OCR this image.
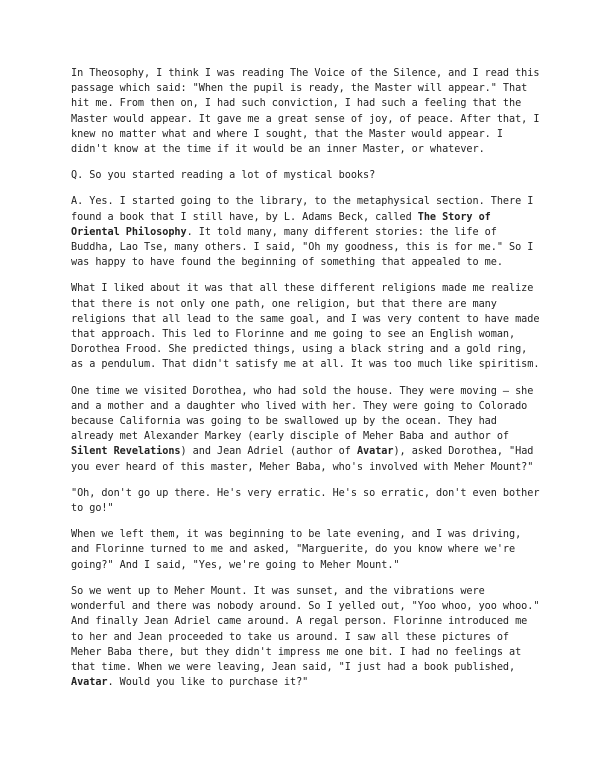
In Theosophy, I think I was reading The Voice of the Silence, and I read this passage which said: "When the pupil is ready, the Master will appear." That hit me. From then on, I had such conviction, I had such a feeling that the Master would appear. It gave me a great sense of joy, of peace. After that, I knew no matter what and where I sought, that the Master would appear. I didn't know at the time if it would be an inner Master, or whatever.

Q. So you started reading a lot of mystical books?

A. Yes. I started going to the library, to the metaphysical section. There I found a book that I still have, by L. Adams Beck, called The Story of Oriental Philosophy. It told many, many different stories: the life of Buddha, Lao Tse, many others. I said, "Oh my goodness, this is for me." So I was happy to have found the beginning of something that appealed to me.

What I liked about it was that all these different religions made me realize that there is not only one path, one religion, but that there are many religions that all lead to the same goal, and I was very content to have made that approach. This led to Florinne and me going to see an English woman, Dorothea Frood. She predicted things, using a black string and a gold ring, as a pendulum. That didn't satisfy me at all. It was too much like spiritism.

One time we visited Dorothea, who had sold the house. They were moving — she and a mother and a daughter who lived with her. They were going to Colorado because California was going to be swallowed up by the ocean. They had already met Alexander Markey (early disciple of Meher Baba and author of Silent Revelations) and Jean Adriel (author of Avatar), asked Dorothea, "Had you ever heard of this master, Meher Baba, who's involved with Meher Mount?"

"Oh, don't go up there. He's very erratic. He's so erratic, don't even bother to go!"

When we left them, it was beginning to be late evening, and I was driving, and Florinne turned to me and asked, "Marguerite, do you know where we're going?" And I said, "Yes, we're going to Meher Mount."

So we went up to Meher Mount. It was sunset, and the vibrations were wonderful and there was nobody around. So I yelled out, "Yoo whoo, yoo whoo." And finally Jean Adriel came around. A regal person. Florinne introduced me to her and Jean proceeded to take us around. I saw all these pictures of Meher Baba there, but they didn't impress me one bit. I had no feelings at that time. When we were leaving, Jean said, "I just had a book published, Avatar. Would you like to purchase it?"
